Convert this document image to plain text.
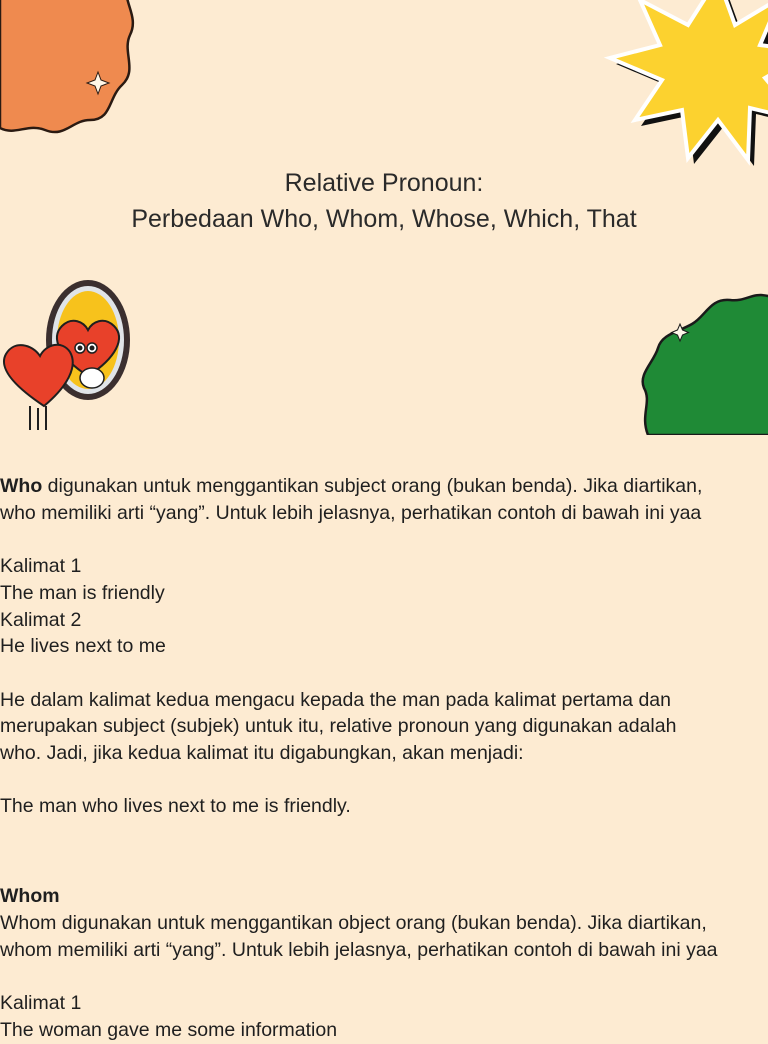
Relative Pronoun:
Perbedaan Who, Whom, Whose, Which, That

Who digunakan untuk menggantikan subject orang (bukan benda). Jika diartikan,

who memiliki arti “yang”. Untuk lebih jelasnya, perhatikan contoh di bawah ini yaa

Kalimat 1

The man is friendly

Kalimat 2

He lives next to me

He dalam kalimat kedua mengacu kepada the man pada kalimat pertama dan

merupakan subject (subjek) untuk itu, relative pronoun yang digunakan adalah

who. Jadi, jika kedua kalimat itu digabungkan, akan menjadi:

The man who lives next to me is friendly.

Whom

Whom digunakan untuk menggantikan object orang (bukan benda). Jika diartikan,

whom memiliki arti “yang”. Untuk lebih jelasnya, perhatikan contoh di bawah ini yaa

Kalimat 1

The woman gave me some information
